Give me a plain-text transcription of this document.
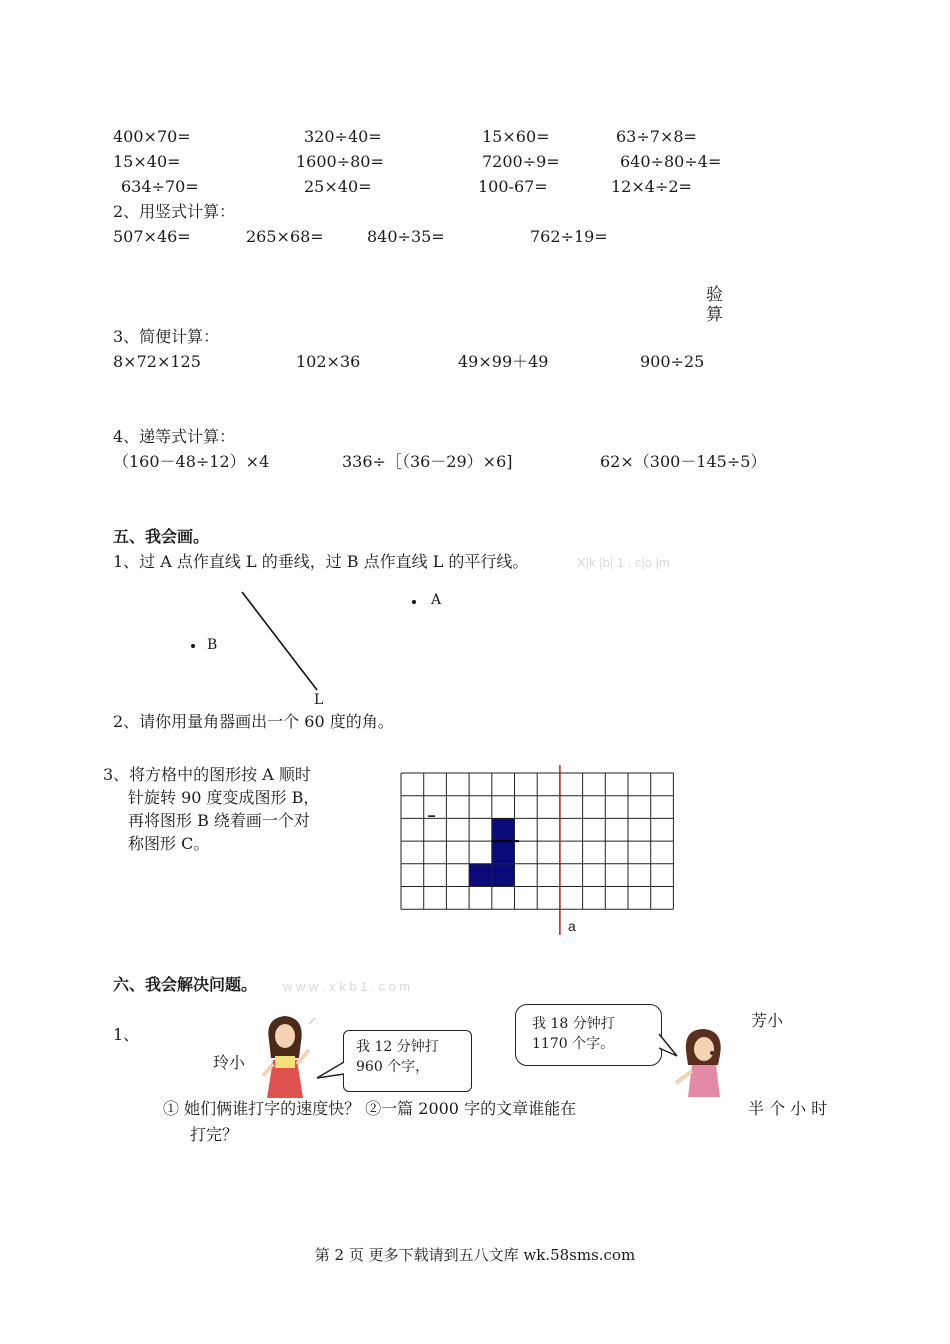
400×70=	320÷40=	15×60=	63÷7×8=
15×40=	1600÷80=	7200÷9=	640÷80÷4=
634÷70=	25×40=	100-67=	12×4÷2=
2、用竖式计算：
507×46=	265×68=	840÷35=	762÷19=
验
算
3、简便计算：
8×72×125	102×36	49×99＋49	900÷25
4、递等式计算：
（160－48÷12）×4	336÷［（36－29）×6]	62×（300－145÷5）
五、我会画。
1、过 A 点作直线 L 的垂线，过 B 点作直线 L 的平行线。	X|k |b| 1 . c|o |m
A
B
L
2、请你用量角器画出一个 60 度的角。
3、将方格中的图形按 A 顺时
针旋转 90 度变成图形 B，
再将图形 B 绕着画一个对
称图形 C。
a
六、我会解决问题。 w w w . x k b 1 . c o m
1、
玲小
芳小
我 12 分钟打 960 个字，
我 18 分钟打 1170 个字。
① 她们俩谁打字的速度快？ ②一篇 2000 字的文章谁能在	半 个 小 时
打完？
第 2 页 更多下载请到五八文库 wk.58sms.com
